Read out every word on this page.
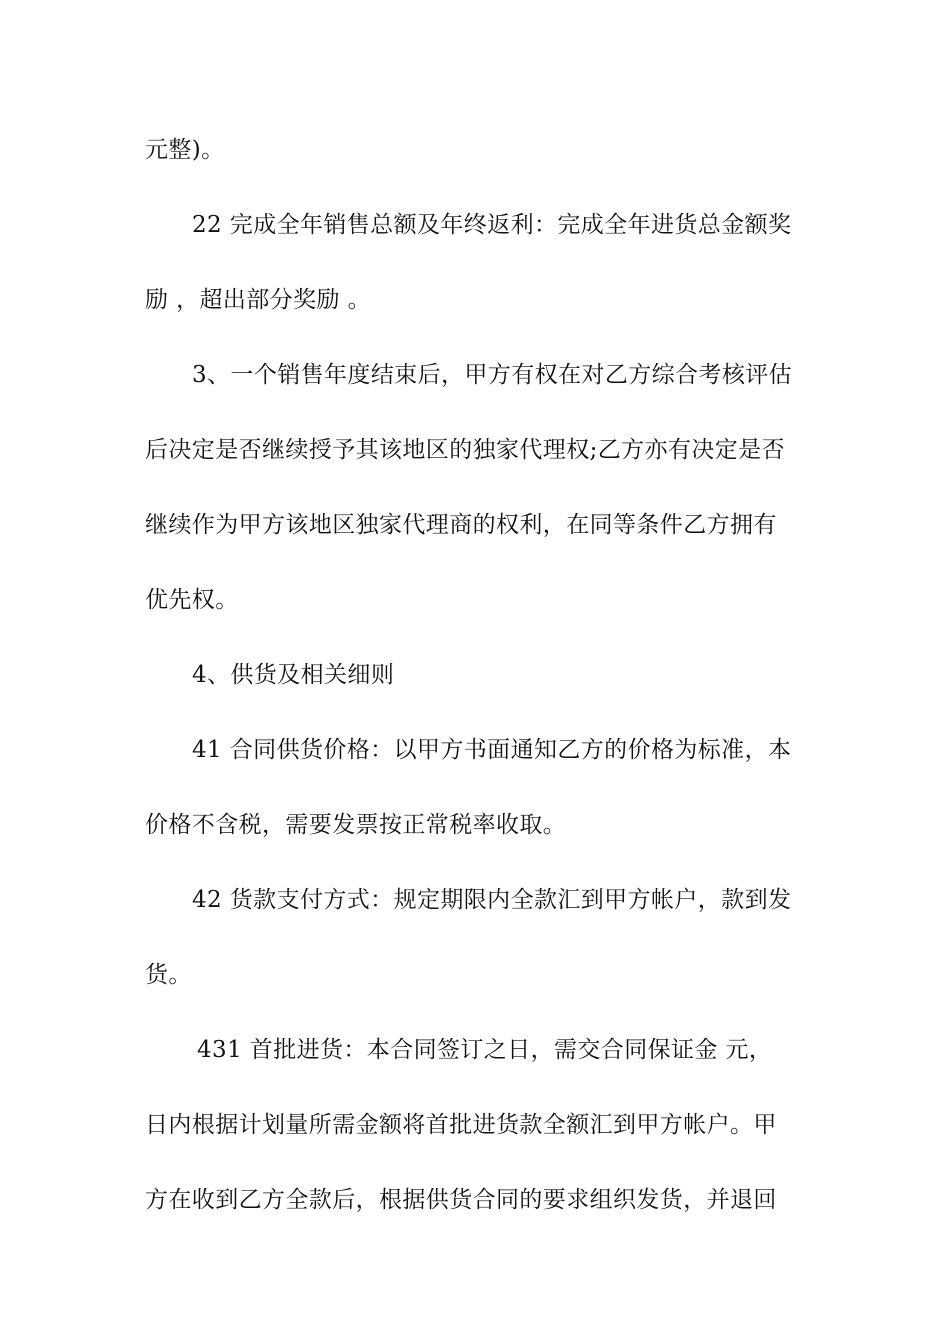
元整)。
22 完成全年销售总额及年终返利：完成全年进货总金额奖
励 ，超出部分奖励 。
3、一个销售年度结束后，甲方有权在对乙方综合考核评估
后决定是否继续授予其该地区的独家代理权;乙方亦有决定是否
继续作为甲方该地区独家代理商的权利，在同等条件乙方拥有
优先权。
4、供货及相关细则
41 合同供货价格：以甲方书面通知乙方的价格为标准，本
价格不含税，需要发票按正常税率收取。
42 货款支付方式：规定期限内全款汇到甲方帐户，款到发
货。
431 首批进货：本合同签订之日，需交合同保证金 元，
日内根据计划量所需金额将首批进货款全额汇到甲方帐户。甲
方在收到乙方全款后，根据供货合同的要求组织发货，并退回
